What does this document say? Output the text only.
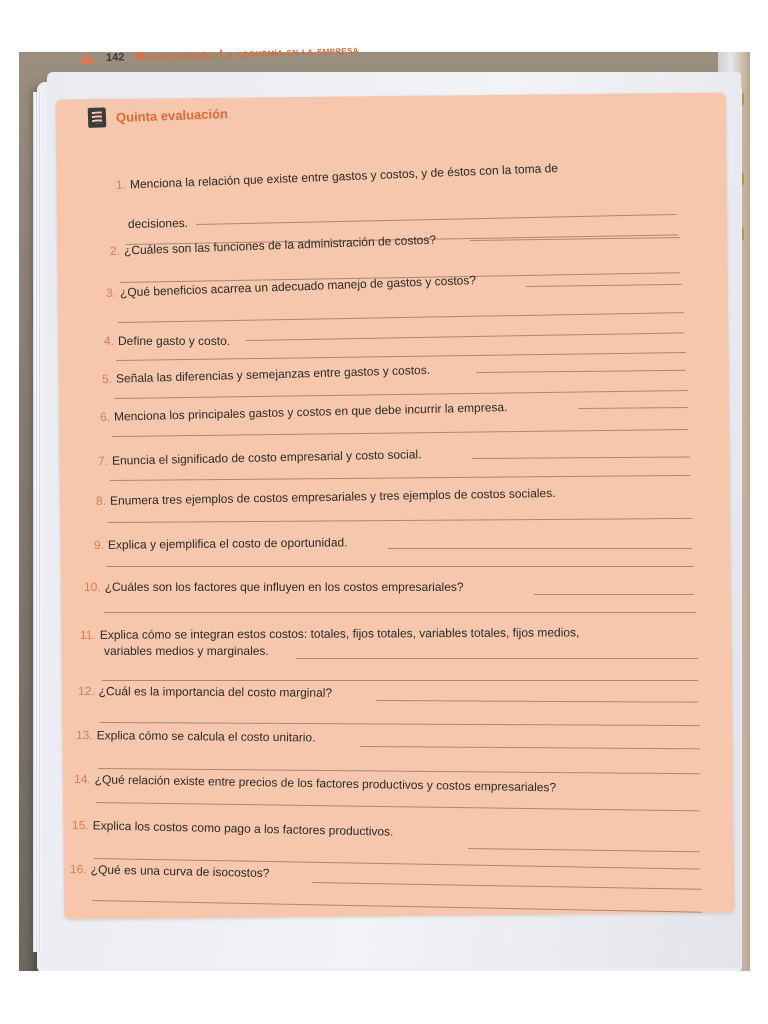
142 Microeconomía. La economía en la empresa
Quinta evaluación
1. Menciona la relación que existe entre gastos y costos, y de éstos con la toma de
decisiones.
2. ¿Cuáles son las funciones de la administración de costos?
3. ¿Qué beneficios acarrea un adecuado manejo de gastos y costos?
4. Define gasto y costo.
5. Señala las diferencias y semejanzas entre gastos y costos.
6. Menciona los principales gastos y costos en que debe incurrir la empresa.
7. Enuncia el significado de costo empresarial y costo social.
8. Enumera tres ejemplos de costos empresariales y tres ejemplos de costos sociales.
9. Explica y ejemplifica el costo de oportunidad.
10. ¿Cuáles son los factores que influyen en los costos empresariales?
11. Explica cómo se integran estos costos: totales, fijos totales, variables totales, fijos medios,
variables medios y marginales.
12. ¿Cuál es la importancia del costo marginal?
13. Explica cómo se calcula el costo unitario.
14. ¿Qué relación existe entre precios de los factores productivos y costos empresariales?
15. Explica los costos como pago a los factores productivos.
16. ¿Qué es una curva de isocostos?
